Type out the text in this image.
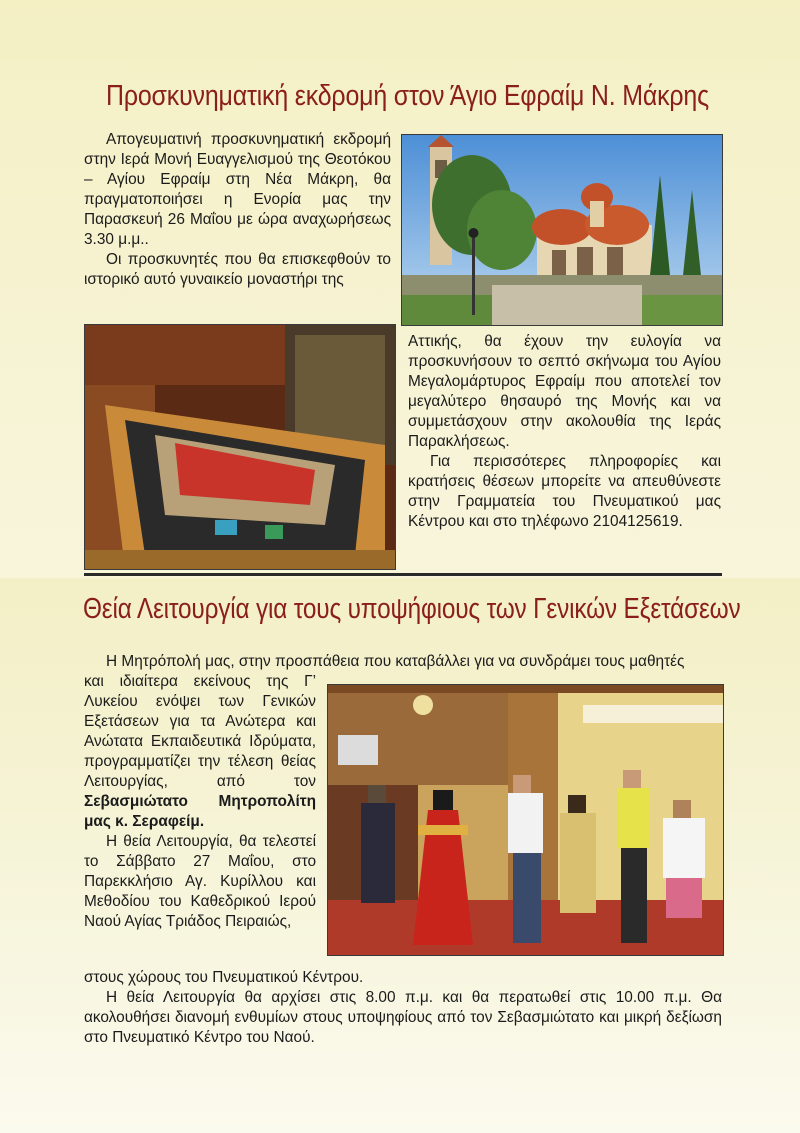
Προσκυνηματική εκδρομή στον Άγιο Εφραίμ Ν. Μάκρης

Απογευματινή προσκυνηματική εκδρομή στην Ιερά Μονή Ευαγγελισμού της Θεοτόκου – Αγίου Εφραίμ στη Νέα Μάκρη, θα πραγματοποιήσει η Ενορία μας την Παρασκευή 26 Μαΐου με ώρα αναχωρήσεως 3.30 μ.μ..

Οι προσκυνητές που θα επισκεφθούν το ιστορικό αυτό γυναικείο μοναστήρι της

Αττικής, θα έχουν την ευλογία να προσκυνήσουν το σεπτό σκήνωμα του Αγίου Μεγαλομάρτυρος Εφραίμ που αποτελεί τον μεγαλύτερο θησαυρό της Μονής και να συμμετάσχουν στην ακολουθία της Ιεράς Παρακλήσεως.

Για περισσότερες πληροφορίες και κρατήσεις θέσεων μπορείτε να απευθύνεστε στην Γραμματεία του Πνευματικού μας Κέντρου και στο τηλέφωνο 2104125619.

Θεία Λειτουργία για τους υποψήφιους των Γενικών Εξετάσεων

Η Μητρόπολή μας, στην προσπάθεια που καταβάλλει για να συνδράμει τους μαθητές

και ιδιαίτερα εκείνους της Γ’ Λυκείου ενόψει των Γενικών Εξετάσεων για τα Ανώτερα και Ανώτατα Εκπαιδευτικά Ιδρύματα, προγραμματίζει την τέλεση θείας Λειτουργίας, από τον Σεβασμιώτατο Μητροπολίτη μας κ. Σεραφείμ.

Η θεία Λειτουργία, θα τελεστεί το Σάββατο 27 Μαΐου, στο Παρεκκλήσιο Αγ. Κυρίλλου και Μεθοδίου του Καθεδρικού Ιερού Ναού Αγίας Τριάδος Πειραιώς,

στους χώρους του Πνευματικού Κέντρου.

Η θεία Λειτουργία θα αρχίσει στις 8.00 π.μ. και θα περατωθεί στις 10.00 π.μ. Θα ακολουθήσει διανομή ενθυμίων στους υποψηφίους από τον Σεβασμιώτατο και μικρή δεξίωση στο Πνευματικό Κέντρο του Ναού.
